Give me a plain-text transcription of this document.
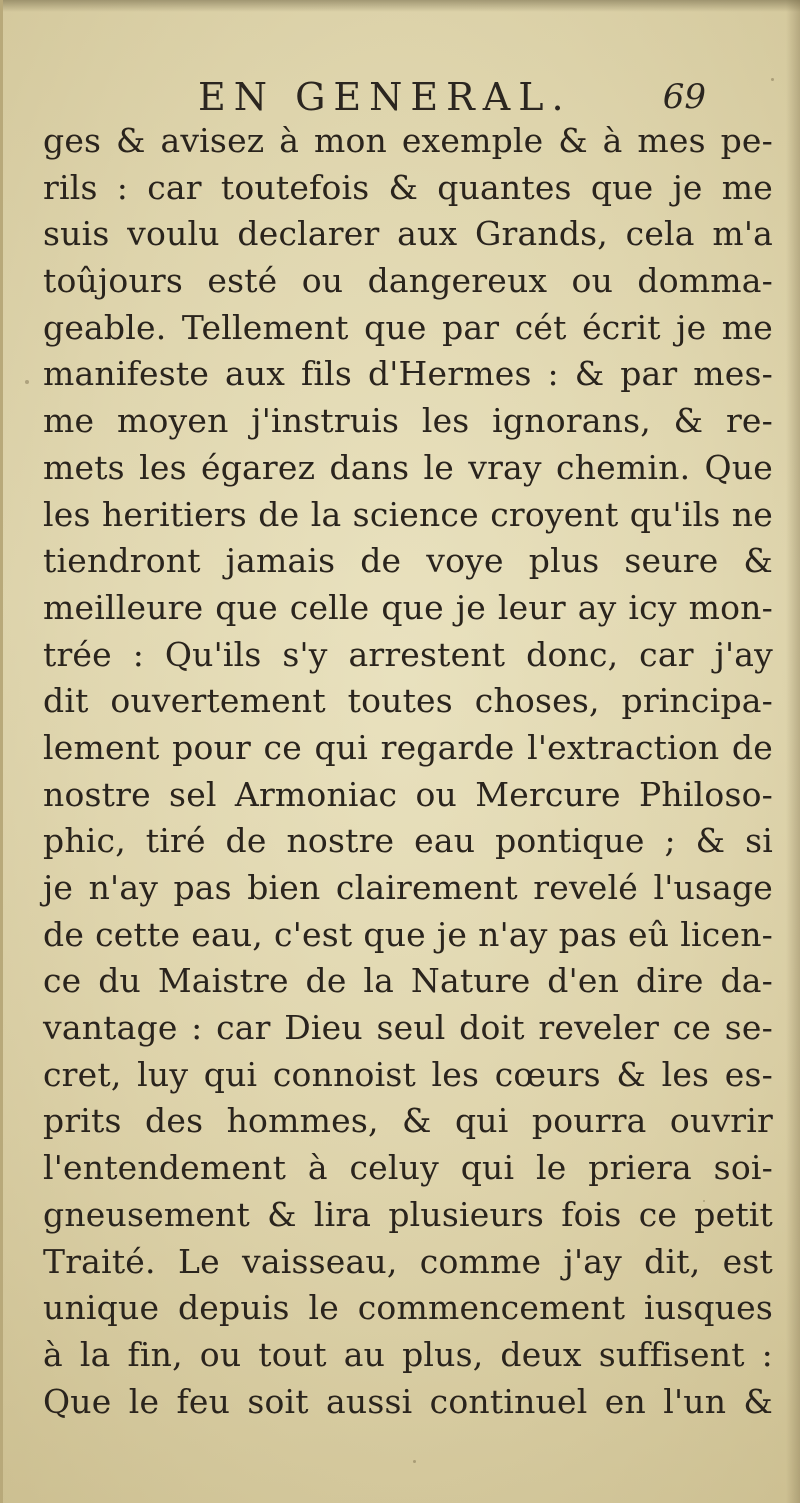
EN GENERAL.	69
ges & avisez à mon exemple & à mes pe-
rils : car toutefois & quantes que je me
suis voulu declarer aux Grands, cela m'a
toûjours esté ou dangereux ou domma-
geable. Tellement que par cét écrit je me
manifeste aux fils d'Hermes : & par mes-
me moyen j'instruis les ignorans, & re-
mets les égarez dans le vray chemin. Que
les heritiers de la science croyent qu'ils ne
tiendront jamais de voye plus seure &
meilleure que celle que je leur ay icy mon-
trée : Qu'ils s'y arrestent donc, car j'ay
dit ouvertement toutes choses, principa-
lement pour ce qui regarde l'extraction de
nostre sel Armoniac ou Mercure Philoso-
phic, tiré de nostre eau pontique ; & si
je n'ay pas bien clairement revelé l'usage
de cette eau, c'est que je n'ay pas eû licen-
ce du Maistre de la Nature d'en dire da-
vantage : car Dieu seul doit reveler ce se-
cret, luy qui connoist les cœurs & les es-
prits des hommes, & qui pourra ouvrir
l'entendement à celuy qui le priera soi-
gneusement & lira plusieurs fois ce petit
Traité. Le vaisseau, comme j'ay dit, est
unique depuis le commencement iusques
à la fin, ou tout au plus, deux suffisent :
Que le feu soit aussi continuel en l'un &
